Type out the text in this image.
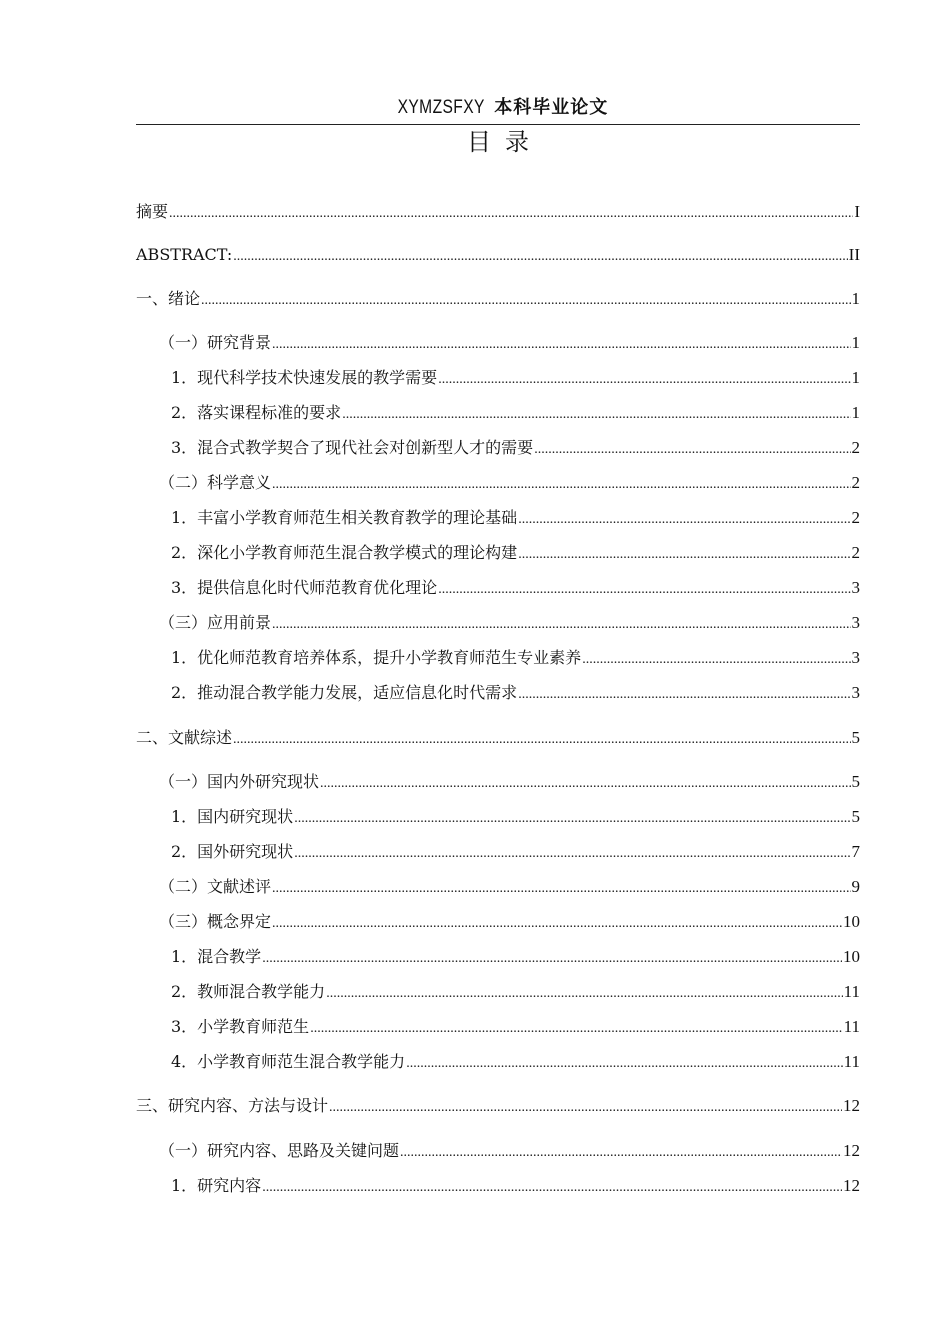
XYMZSFXY 本科毕业论文
目录
摘要 .....	I
ABSTRACT: .....	II
一、绪论 .....	1
（一）研究背景 .....	1
1．现代科学技术快速发展的教学需要 .....	1
2．落实课程标准的要求 .....	1
3．混合式教学契合了现代社会对创新型人才的需要 .....	2
（二）科学意义 .....	2
1．丰富小学教育师范生相关教育教学的理论基础 .....	2
2．深化小学教育师范生混合教学模式的理论构建 .....	2
3．提供信息化时代师范教育优化理论 .....	3
（三）应用前景 .....	3
1．优化师范教育培养体系，提升小学教育师范生专业素养 .....	3
2．推动混合教学能力发展，适应信息化时代需求 .....	3
二、文献综述 .....	5
（一）国内外研究现状 .....	5
1．国内研究现状 .....	5
2．国外研究现状 .....	7
（二）文献述评 .....	9
（三）概念界定 .....	10
1．混合教学 .....	10
2．教师混合教学能力 .....	11
3．小学教育师范生 .....	11
4．小学教育师范生混合教学能力 .....	11
三、研究内容、方法与设计 .....	12
（一）研究内容、思路及关键问题 .....	12
1．研究内容 .....	12
